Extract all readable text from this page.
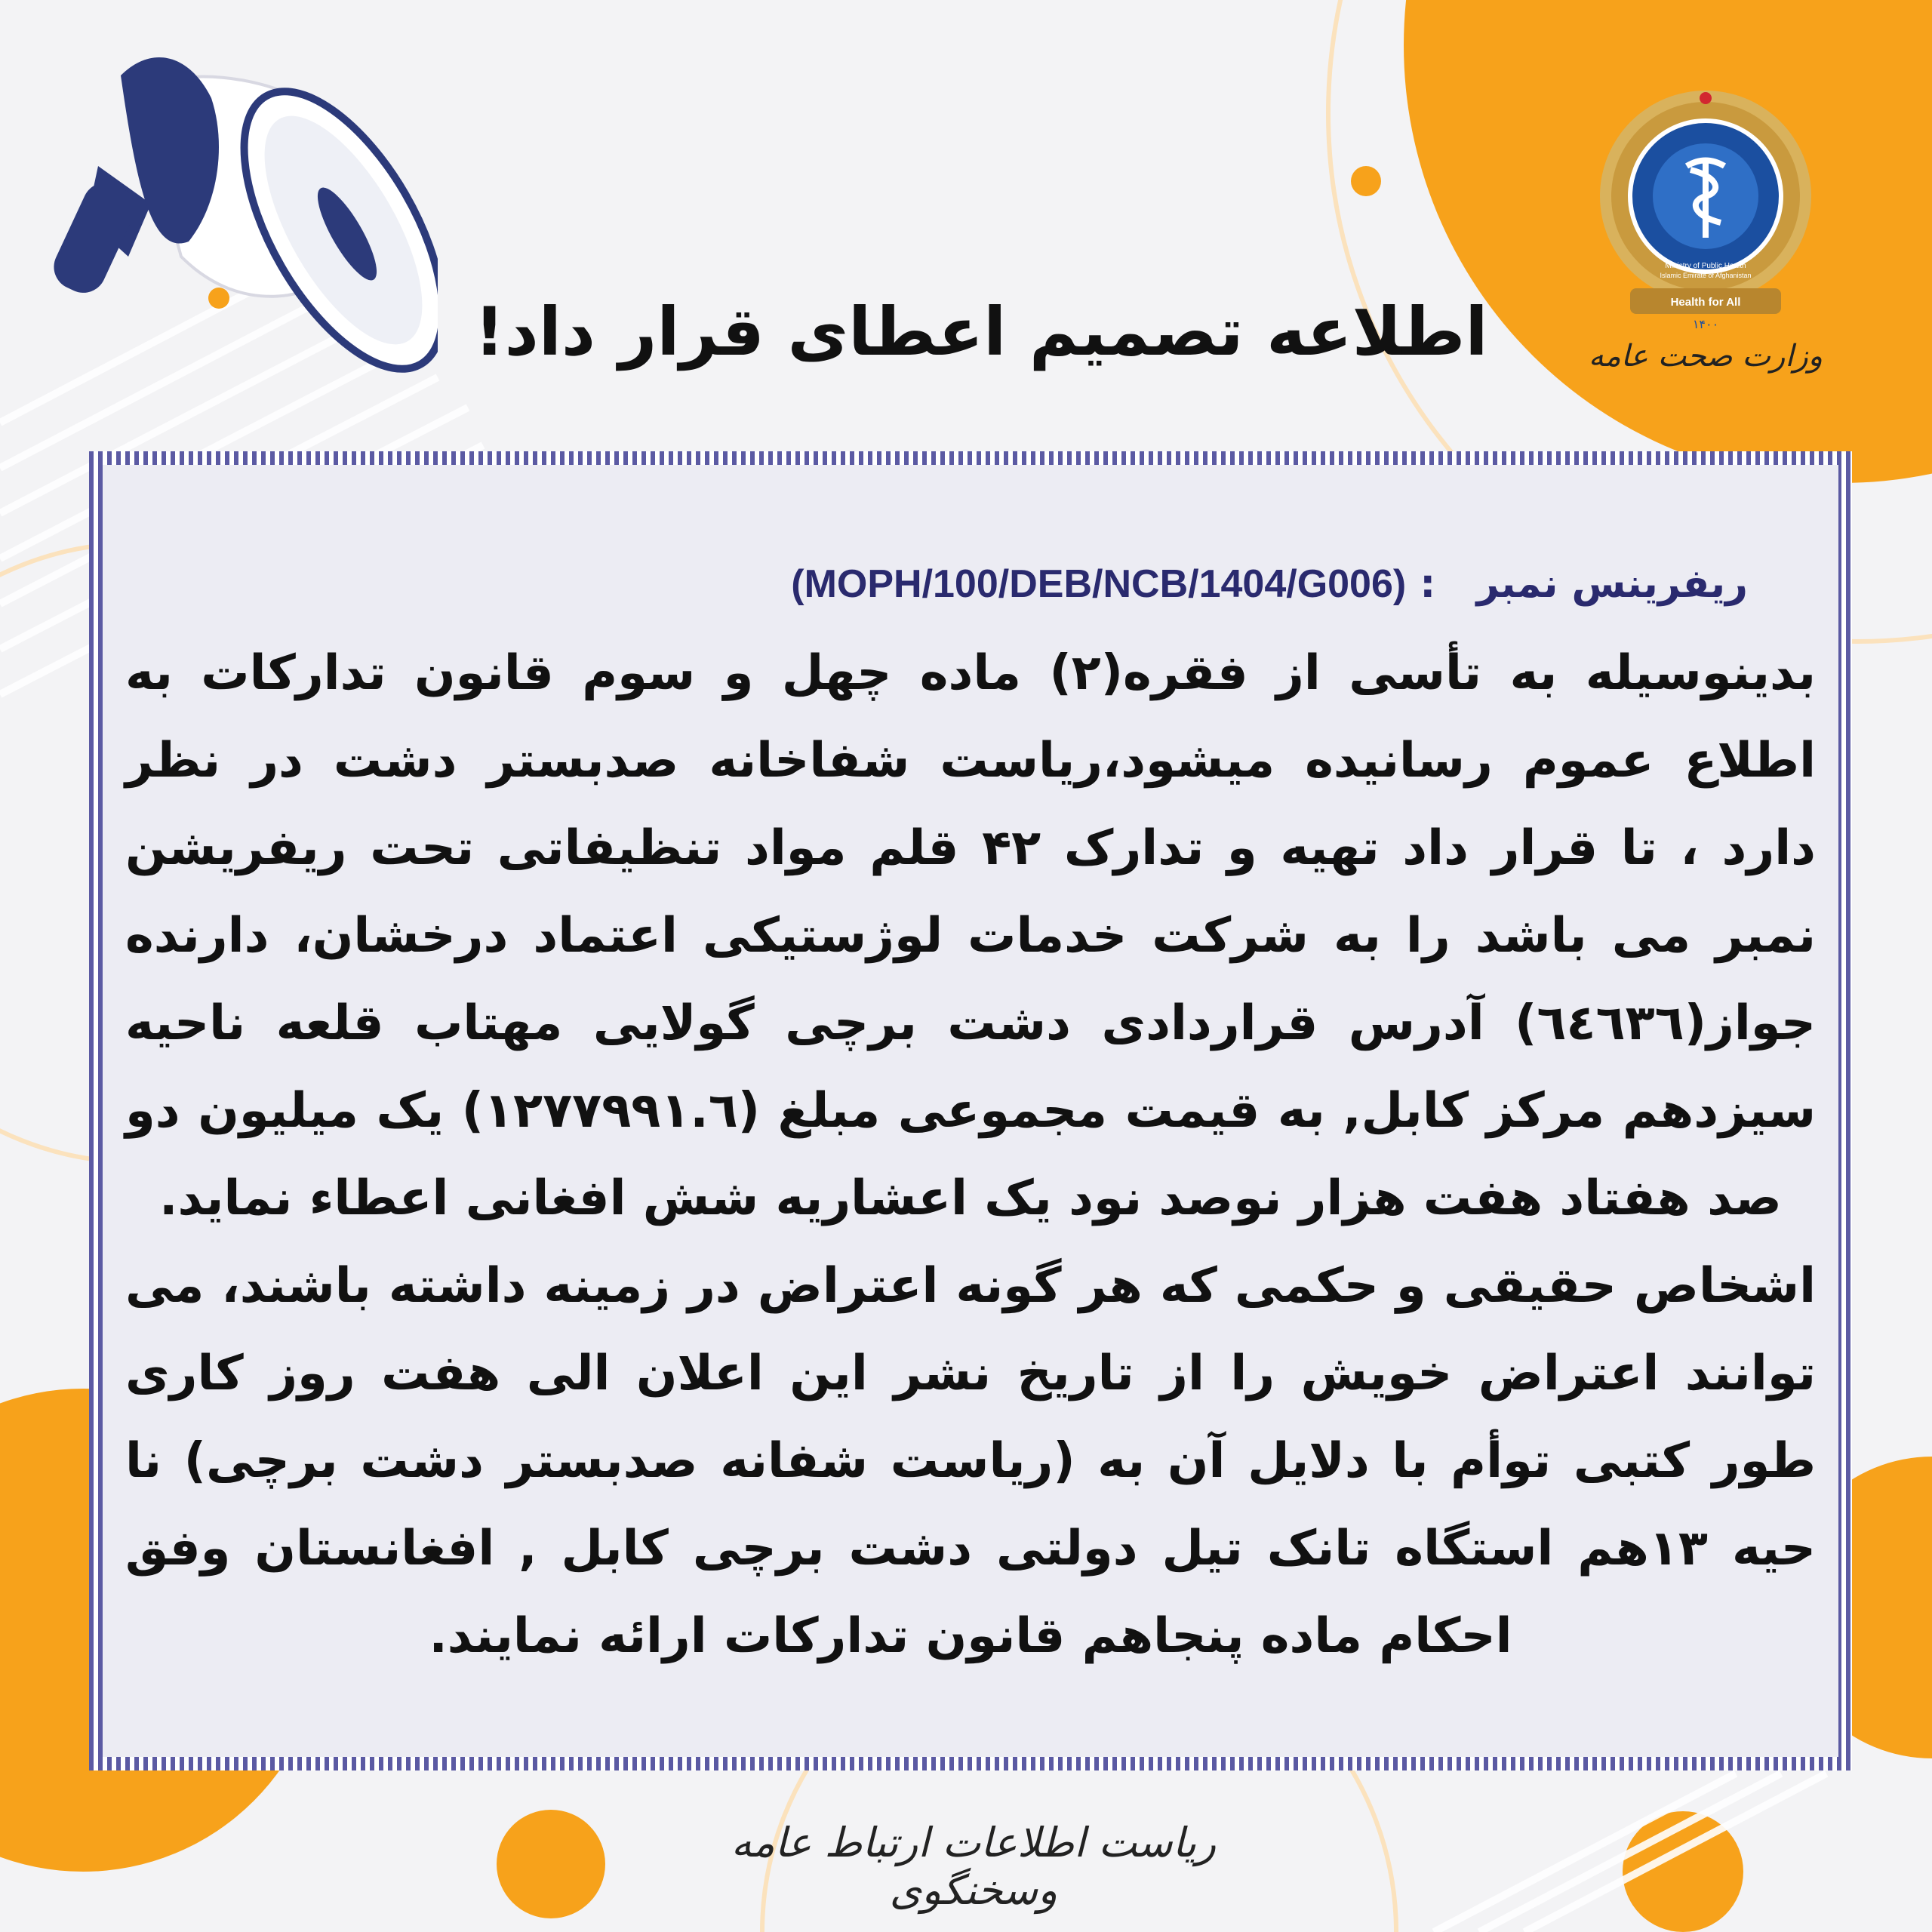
Ministry of Public Health
Islamic Emirate of Afghanistan
Health for All
۱۴۰۰
وزارت صحت عامه
اطلاعه تصمیم اعطای قرار داد!
ریفرینس نمبر   : (MOPH/100/DEB/NCB/1404/G006)
بدینوسیله به تأسی از فقره(۲) ماده چهل و سوم قانون تدارکات به اطلاع عموم رسانیده میشود،ریاست شفاخانه صدبستر دشت در نظر دارد ، تا قرار داد تهیه و تدارک ۴۲ قلم مواد تنظیفاتی تحت ریفریشن نمبر می باشد را به شرکت خدمات لوژستیکی اعتماد درخشان، دارنده جواز(٦٤٦٣٦) آدرس قراردادی دشت برچی گولایی مهتاب قلعه ناحیه سیزدهم مرکز کابل, به قیمت مجموعی مبلغ (١٢٧٧٩٩١.٦) یک میلیون دو صد هفتاد هفت هزار نوصد نود یک اعشاریه شش افغانی اعطاء نماید.
اشخاص حقیقی و حکمی که هر گونه اعتراض در زمینه داشته باشند، می توانند اعتراض خویش را از تاریخ نشر این اعلان الی هفت روز کاری طور کتبی توأم با دلایل آن به (ریاست شفانه صدبستر دشت برچی) نا حیه ۱۳هم استگاه تانک تیل دولتی دشت برچی کابل , افغانستان وفق احکام ماده پنجاهم قانون تدارکات ارائه نمایند.
ریاست اطلاعات ارتباط عامه وسخنگوی
